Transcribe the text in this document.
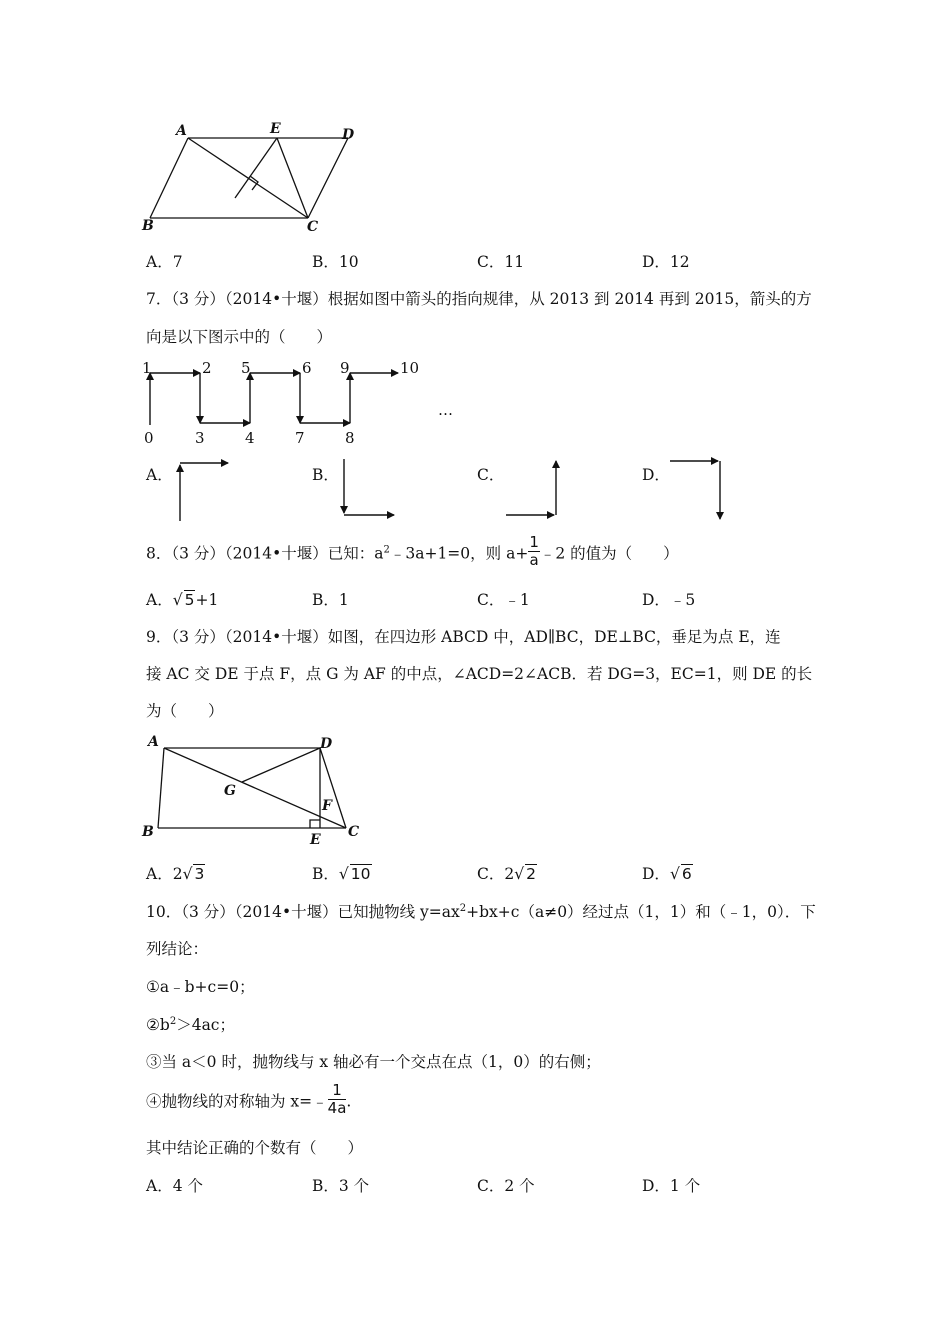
A	E	D
B	C
A．7	B．10	C．11	D．12
7．（3 分）（2014•十堰）根据如图中箭头的指向规律，从 2013 到 2014 再到 2015，箭头的方
向是以下图示中的（　　）
0
1	2
3	4
5	6
7	8
9	10
…
A．	B．	C．	D．
8．（3 分）（2014•十堰）已知：$a^2﹣3a+1=0$，则 $a+ \frac{1}{a}$ ﹣2 的值为（　　）
A．√ 5+1	B．1	C．﹣1	D．﹣5
9．（3 分）（2014•十堰）如图，在四边形 ABCD 中，AD∥BC，DE⊥BC，垂足为点 E，连
接 AC 交 DE 于点 F，点 G 为 AF 的中点，∠ACD=2∠ACB．若 DG=3，EC=1，则 DE 的长
为（　　）
A	D
G
F
B	E C
A．2√ 3	B．√ 10	C．2√ 2	D．√ 6
10．（3 分）（2014•十堰）已知抛物线 $y=ax^2+bx+c(a\ne 0)$经过点（1，1）和（﹣1，0）．下
列结论：
①a﹣b+c=0；
$②b^2>4ac$；
③当 a＜0 时，抛物线与 x 轴必有一个交点在点（1，0）的右侧；
④抛物线的对称轴为 x=﹣ $\frac{1}{4a}$ .
其中结论正确的个数有（　　）
A．4 个	B．3 个	C．2 个	D．1 个
